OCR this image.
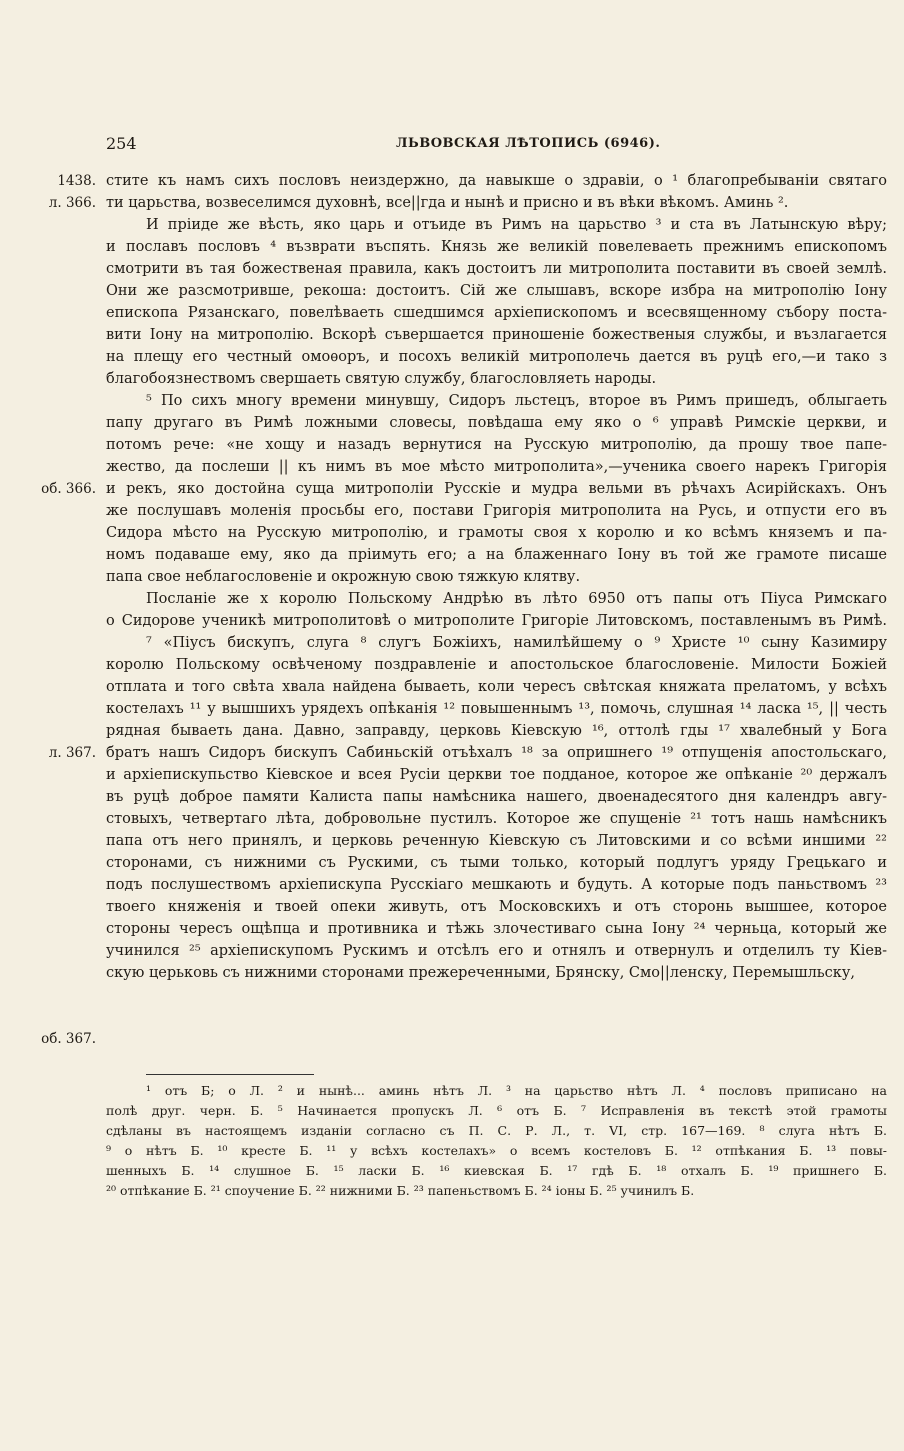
254	ЛЬВОВСКАЯ ЛѢТОПИСЬ (6946).
1438.
л. 366.
об. 366.
л. 367.
об. 367.
стите къ намъ сихъ пословъ неиздержно, да навыкше о здравіи, о ¹ благопребываніи святаго
ти царьства, возвеселимся духовнѣ, все||гда и нынѣ и присно и въ вѣки вѣкомъ. Аминь ².
И пріиде же вѣсть, яко царь и отъиде въ Римъ на царьство ³ и ста въ Латынскую вѣру;
и пославъ пословъ ⁴ възврати въспять. Князь же великій повелеваеть прежнимъ епископомъ
смотрити въ тая божественая правила, какъ достоитъ ли митрополита поставити въ своей землѣ.
Они же разсмотривше, рекоша: достоитъ. Сій же слышавъ, вскоре избра на митрополію Іону
епископа Рязанскаго, повелѣваеть сшедшимся архіепископомъ и всесвященному събору поста-
вити Іону на митрополію. Вскорѣ съвершается приношеніе божественыя службы, и възлагается
на плещу его честный омоѳоръ, и посохъ великій митрополечь дается въ руцѣ его,—и тако з
благобоязнествомъ свершаеть святую службу, благословляеть народы.
⁵ По сихъ многу времени минувшу, Сидоръ льстецъ, второе въ Римъ пришедъ, облыгаеть
папу другаго въ Римѣ ложными словесы, повѣдаша ему яко о ⁶ управѣ Римскіе церкви, и
потомъ рече: «не хощу и назадъ вернутися на Русскую митрополію, да прошу твое папе-
жество, да послеши || къ нимъ въ мое мѣсто митрополита»,—ученика своего нарекъ Григорія
и рекъ, яко достойна суща митрополіи Русскіе и мудра вельми въ рѣчахъ Асирійскахъ. Онъ
же послушавъ моленія просьбы его, постави Григорія митрополита на Русь, и отпусти его въ
Сидора мѣсто на Русскую митрополію, и грамоты своя х королю и ко всѣмъ княземъ и па-
номъ подаваше ему, яко да пріимуть его; а на блаженнаго Іону въ той же грамоте писаше
папа свое неблагословеніе и окрожную свою тяжкую клятву.
Посланіе же х королю Польскому Андрѣю въ лѣто 6950 отъ папы отъ Піуса Римскаго
о Сидорове ученикѣ митрополитовѣ о митрополите Григоріе Литовскомъ, поставленымъ въ Римѣ.
⁷ «Піусъ бискупъ, слуга ⁸ слугъ Божіихъ, намилѣйшему о ⁹ Христе ¹⁰ сыну Казимиру
королю Польскому освѣченому поздравленіе и апостольское благословеніе. Милости Божіей
отплата и того свѣта хвала найдена бываеть, коли чересъ свѣтская княжата прелатомъ, у всѣхъ
костелахъ ¹¹ у вышшихъ урядехъ опѣканія ¹² повышеннымъ ¹³, помочь, слушная ¹⁴ ласка ¹⁵, || честь
рядная бываеть дана. Давно, заправду, церковь Кіевскую ¹⁶, оттолѣ гды ¹⁷ хвалебный у Бога
братъ нашъ Сидоръ бискупъ Сабиньскій отъѣхалъ ¹⁸ за опришнего ¹⁹ отпущенія апостольскаго,
и архіепискупьство Кіевское и всея Русіи церкви тое подданое, которое же опѣканіе ²⁰ держалъ
въ руцѣ доброе памяти Калиста папы намѣсника нашего, двоенадесятого дня календръ авгу-
стовыхъ, четвертаго лѣта, добровольне пустилъ. Которое же спущеніе ²¹ тотъ нашь намѣсникъ
папа отъ него принялъ, и церковь реченную Кіевскую съ Литовскими и со всѣми иншими ²²
сторонами, съ нижними съ Рускими, съ тыми только, который подлугъ уряду Грецькаго и
подъ послушествомъ архіепискупа Русскіаго мешкають и будуть. А которые подъ паньствомъ ²³
твоего княженія и твоей опеки живуть, отъ Московскихъ и отъ сторонь вышшее, которое
стороны чересъ ощѣпца и противника и тѣжь злочестиваго сына Іону ²⁴ черньца, который же
учинился ²⁵ архіепискупомъ Рускимъ и отсѣлъ его и отнялъ и отвернулъ и отделилъ ту Кіев-
скую церьковь съ нижними сторонами прежереченными, Брянску, Смо||ленску, Перемышльску,
¹ отъ Б; о Л. ² и нынѣ... аминь нѣтъ Л. ³ на царьство нѣтъ Л. ⁴ пословъ приписано на
полѣ друг. черн. Б. ⁵ Начинается пропускъ Л. ⁶ отъ Б. ⁷ Исправленія въ текстѣ этой грамоты
сдѣланы въ настоящемъ изданіи согласно съ П. С. Р. Л., т. VI, стр. 167—169. ⁸ слуга нѣтъ Б.
⁹ о нѣтъ Б. ¹⁰ кресте Б. ¹¹ у всѣхъ костелахъ» о всемъ костеловъ Б. ¹² отпѣкания Б. ¹³ повы-
шенныхъ Б. ¹⁴ слушное Б. ¹⁵ ласки Б. ¹⁶ киевская Б. ¹⁷ гдѣ Б. ¹⁸ отхалъ Б. ¹⁹ пришнего Б.
²⁰ отпѣкание Б. ²¹ споучение Б. ²² нижними Б. ²³ папеньствомъ Б. ²⁴ іоны Б. ²⁵ учинилъ Б.
